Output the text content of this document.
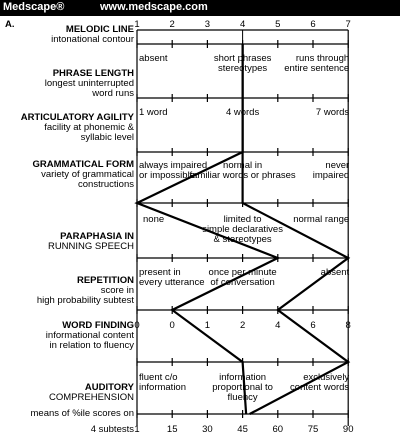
Medscape®	www.medscape.com
A.	1	2	3	4	5	6	7
MELODIC LINE
intonational contour
absent	short phrases
stereotypes
runs through
entire sentence
PHRASE LENGTH
longest uninterrupted
word runs
1 word	4 words	7 words
ARTICULATORY AGILITY
facility at phonemic &
syllabic level
always impaired
or impossible
normal in
familiar words or phrases
never
impaired
GRAMMATICAL FORM
variety of grammatical
constructions
none	limited to
simple declaratives
& stereotypes
normal range
PARAPHASIA IN
RUNNING SPEECH
present in
every utterance
once per minute
of conversation
absent
REPETITION
score in
high probability subtest
0	0	1	2	4	6	8
WORD FINDING
informational content
in relation to fluency
fluent c/o
information
information
proportional to
fluency
exclusively
content words
AUDITORY
COMPREHENSION
1	15	30	45	60	75	90
means of %ile scores on
4 subtests
